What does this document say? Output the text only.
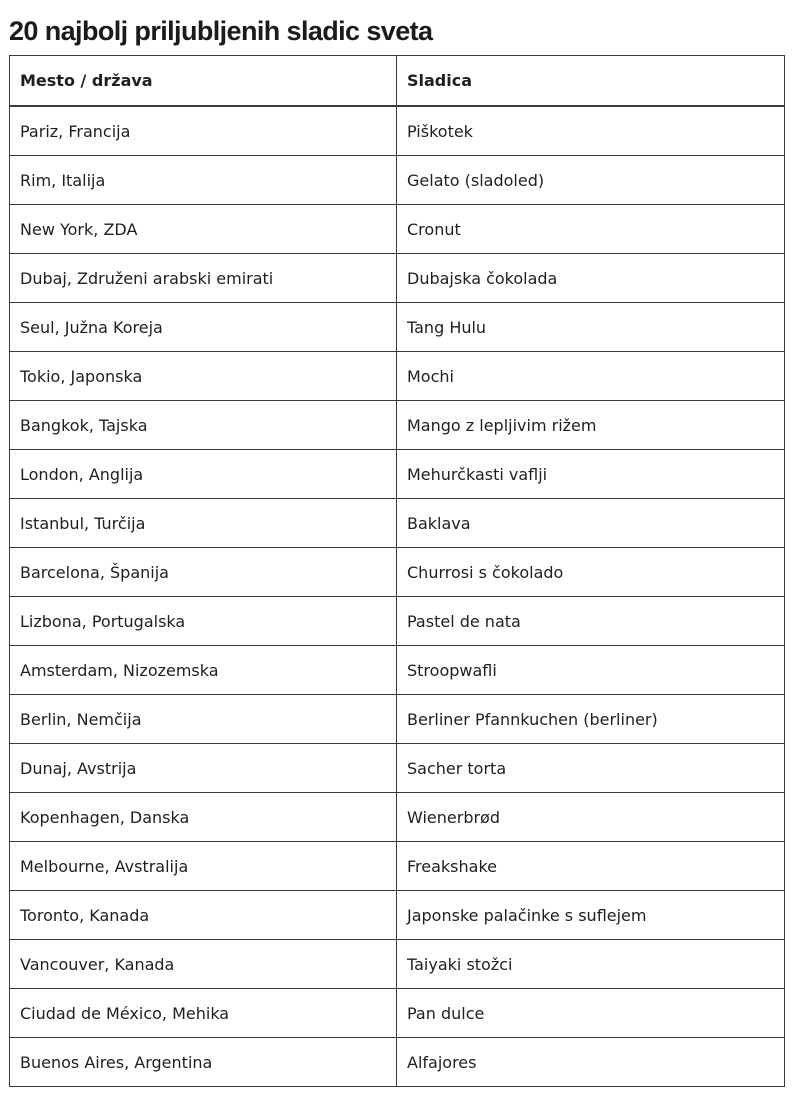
20 najbolj priljubljenih sladic sveta
Mesto / država	Sladica
Pariz, Francija	Piškotek
Rim, Italija	Gelato (sladoled)
New York, ZDA	Cronut
Dubaj, Združeni arabski emirati	Dubajska čokolada
Seul, Južna Koreja	Tang Hulu
Tokio, Japonska	Mochi
Bangkok, Tajska	Mango z lepljivim rižem
London, Anglija	Mehurčkasti vaflji
Istanbul, Turčija	Baklava
Barcelona, Španija	Churrosi s čokolado
Lizbona, Portugalska	Pastel de nata
Amsterdam, Nizozemska	Stroopwafli
Berlin, Nemčija	Berliner Pfannkuchen (berliner)
Dunaj, Avstrija	Sacher torta
Kopenhagen, Danska	Wienerbrød
Melbourne, Avstralija	Freakshake
Toronto, Kanada	Japonske palačinke s suflejem
Vancouver, Kanada	Taiyaki stožci
Ciudad de México, Mehika	Pan dulce
Buenos Aires, Argentina	Alfajores
